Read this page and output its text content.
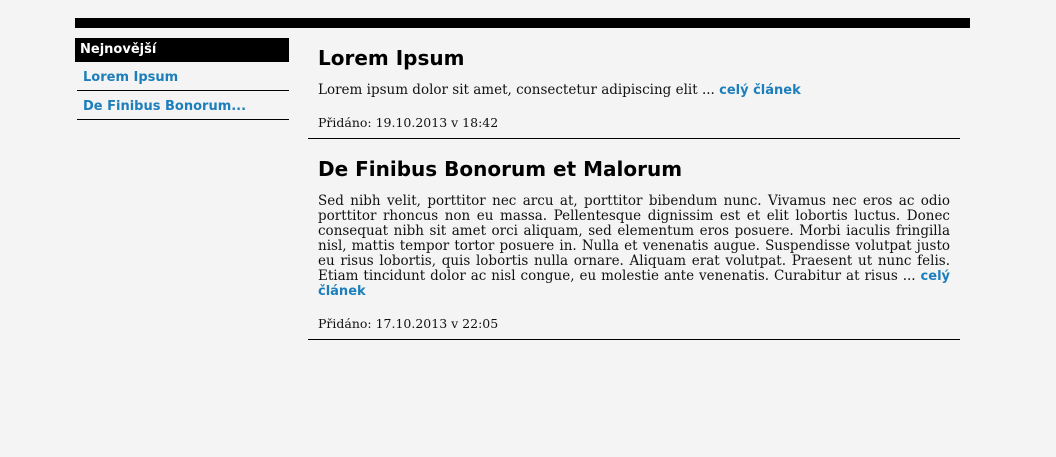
Nejnovější
Lorem Ipsum
De Finibus Bonorum...
Lorem Ipsum

Lorem ipsum dolor sit amet, consectetur adipiscing elit ... celý článek

Přidáno: 19.10.2013 v 18:42
De Finibus Bonorum et Malorum

Sed nibh velit, porttitor nec arcu at, porttitor bibendum nunc. Vivamus nec eros ac odio porttitor rhoncus non eu massa. Pellentesque dignissim est et elit lobortis luctus. Donec consequat nibh sit amet orci aliquam, sed elementum eros posuere. Morbi iaculis fringilla nisl, mattis tempor tortor posuere in. Nulla et venenatis augue. Suspendisse volutpat justo eu risus lobortis, quis lobortis nulla ornare. Aliquam erat volutpat. Praesent ut nunc felis. Etiam tincidunt dolor ac nisl congue, eu molestie ante venenatis. Curabitur at risus ... celý článek

Přidáno: 17.10.2013 v 22:05
